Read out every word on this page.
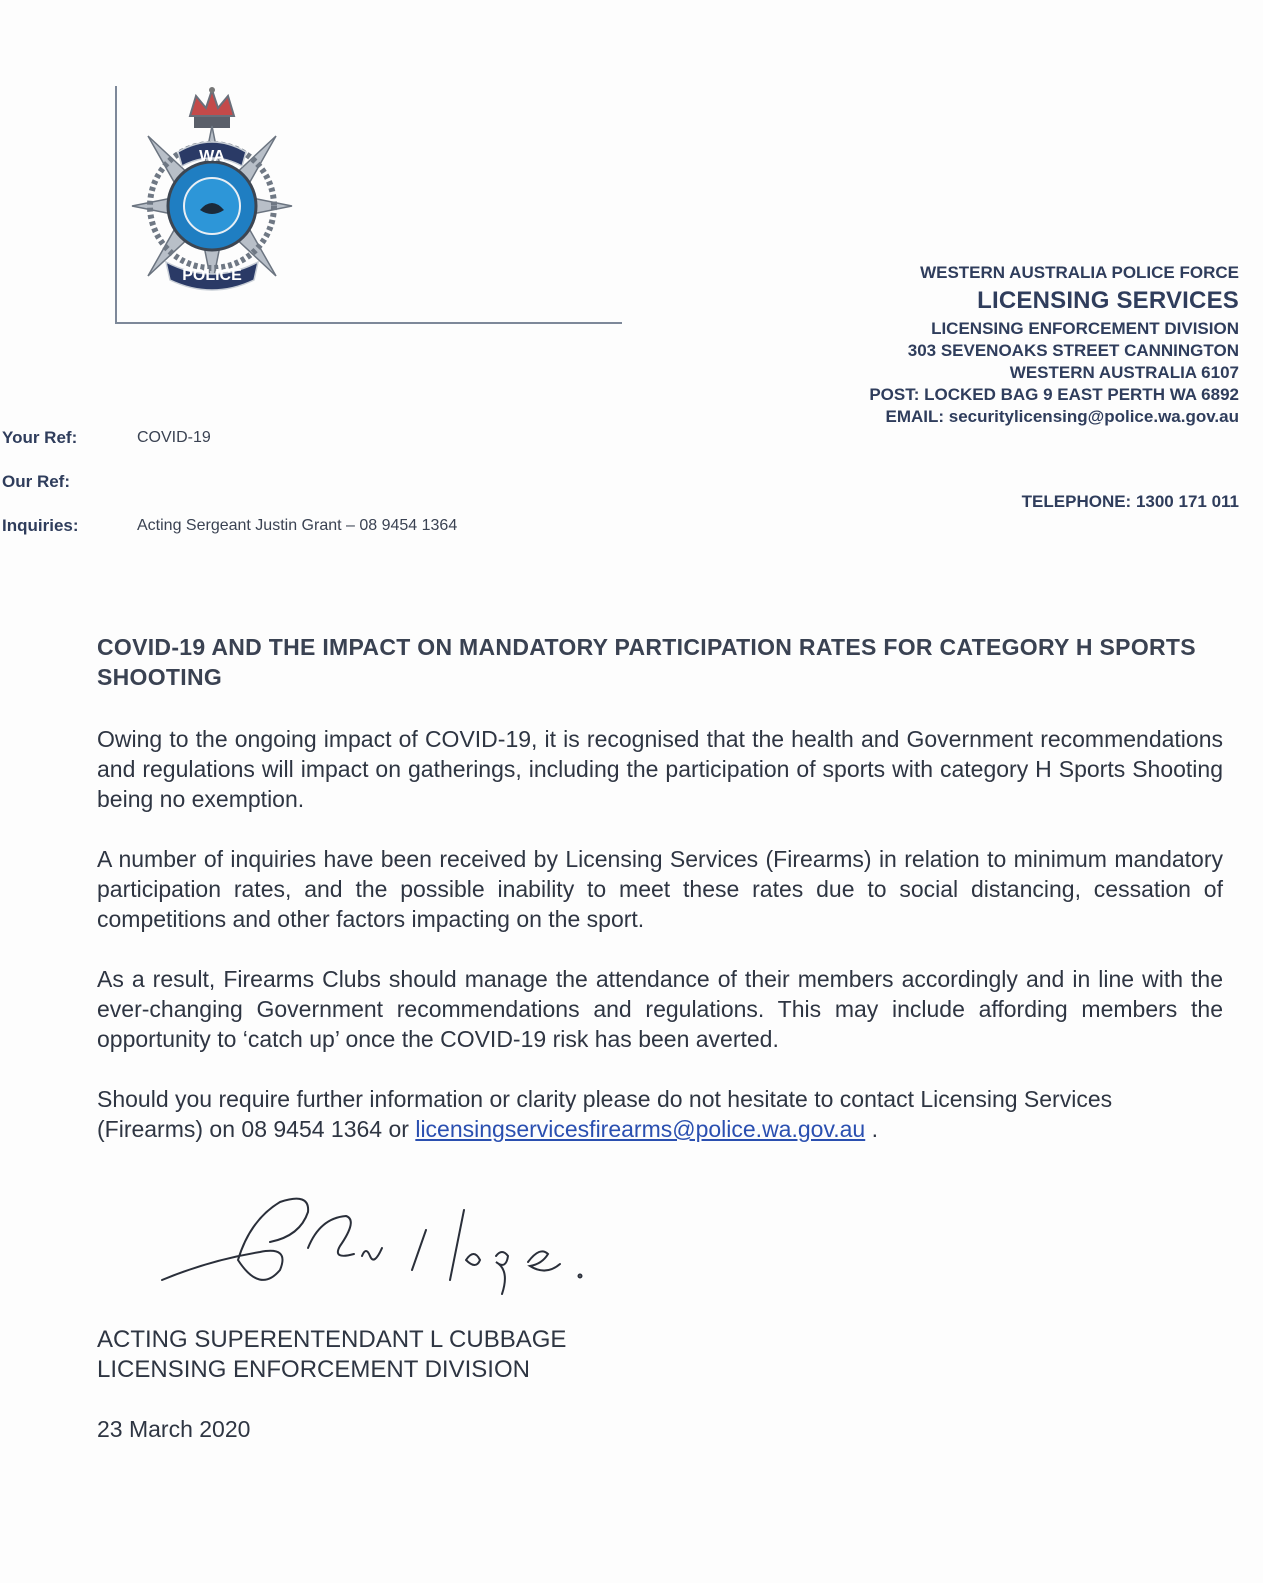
WA
POLICE	WESTERN AUSTRALIA POLICE FORCE
LICENSING SERVICES
LICENSING ENFORCEMENT DIVISION
303 SEVENOAKS STREET CANNINGTON
WESTERN AUSTRALIA 6107
POST: LOCKED BAG 9 EAST PERTH WA 6892
EMAIL: securitylicensing@police.wa.gov.au
TELEPHONE: 1300 171 011
Your Ref:	COVID-19
Our Ref:
Inquiries:	Acting Sergeant Justin Grant – 08 9454 1364
COVID-19 AND THE IMPACT ON MANDATORY PARTICIPATION RATES FOR CATEGORY H SPORTS SHOOTING
Owing to the ongoing impact of COVID-19, it is recognised that the health and Government recommendations and regulations will impact on gatherings, including the participation of sports with category H Sports Shooting being no exemption.
A number of inquiries have been received by Licensing Services (Firearms) in relation to minimum mandatory participation rates, and the possible inability to meet these rates due to social distancing, cessation of competitions and other factors impacting on the sport.
As a result, Firearms Clubs should manage the attendance of their members accordingly and in line with the ever-changing Government recommendations and regulations. This may include affording members the opportunity to ‘catch up’ once the COVID-19 risk has been averted.
Should you require further information or clarity please do not hesitate to contact Licensing Services (Firearms) on 08 9454 1364 or licensingservicesfirearms@police.wa.gov.au .
ACTING SUPERENTENDANT L CUBBAGE
LICENSING ENFORCEMENT DIVISION
23 March 2020
